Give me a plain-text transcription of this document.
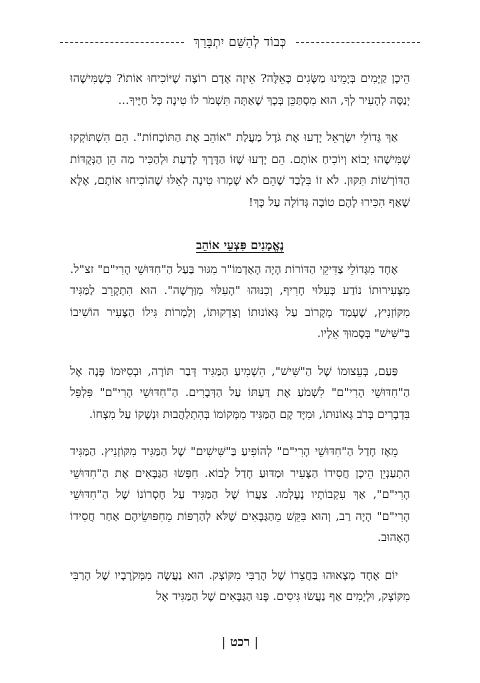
כְּבוֹד לְהַשֵּׁם יִתְבָּרֵךְ

הֵיכָן קַיָּמִים בְּיָמֵינוּ מַשָּׂגִים כָּאֵלֶּה? אֵיזֶה אָדָם רוֹצֶה שֶׁיּוֹכִיחוּ אוֹתוֹ? כְּשֶׁמִּישֶׁהוּ יְנַסֶּה לְהָעִיר לְךָ, הוּא מִסְתַּכֵּן בְּכָךְ שֶׁאַתָּה תִּשְׁמֹר לוֹ טִינָה כָּל חַיֶּיךָ...

אַךְ גְּדוֹלֵי יִשְׂרָאֵל יָדְעוּ אֶת גֹּדֶל מַעֲלַת "אוֹהֵב אֶת הַתּוֹכָחוֹת". הֵם הִשְׁתּוֹקְקוּ שֶׁמִּישֶׁהוּ יָבוֹא וְיוֹכִיחַ אוֹתָם. הֵם יָדְעוּ שֶׁזּוֹ הַדֶּרֶךְ לָדַעַת וּלְהַכִּיר מַה הֵן הַנְּקֻדּוֹת הַדּוֹרְשׁוֹת תִּקּוּן. לֹא זוֹ בִּלְבַד שֶׁהֵם לֹא שָׁמְרוּ טִינָה לְאֵלּוּ שֶׁהוֹכִיחוּ אוֹתָם, אֶלָּא שֶׁאַף הִכִּירוּ לָהֶם טוֹבָה גְּדוֹלָה עַל כָּךְ!

נֶאֱמָנִים פִּצְעֵי אוֹהֵב

אֶחָד מִגְּדוֹלֵי צַדִּיקֵי הַדּוֹרוֹת הָיָה הָאַדְמוֹ"ר מִגּוּר בַּעַל הַ"חִדּוּשֵׁי הָרִי"ם" זצ"ל. מִצְּעִירוּתוֹ נוֹדַע כְּעִלּוּי חָרִיף, וְכִנּוּהוּ "הָעִלּוּי מִוַּרְשָׁה". הוּא הִתְקָרֵב לַמַּגִּיד מִקּוֹזְנִיץ, שֶׁעָמַד מְקָרוֹב עַל גְּאוֹנוּתוֹ וְצִדְקוּתוֹ, וְלַמְרוֹת גִּילוֹ הַצָּעִיר הוֹשִׁיבוֹ בַּ"שִּׁישׁ" בְּסָמוּךְ אֵלָיו.

פַּעַם, בְּעֵצוּמוֹ שֶׁל הַ"שִּׁישׁ", הִשְׁמִיעַ הַמַּגִּיד דְּבַר תּוֹרָה, וּבְסִיּוּמוֹ פָּנָה אֶל הַ"חִדּוּשֵׁי הָרִי"ם" לִשְׁמֹעַ אֶת דַּעְתּוֹ עַל הַדְּבָרִים. הַ"חִדּוּשֵׁי הָרִי"ם" פִּלְפֵּל בִּדְבָרִים בְּרֹב גְּאוֹנוּתוֹ, וּמִיָּד קָם הַמַּגִּיד מִמְּקוֹמוֹ בְּהִתְלַהֲבוּת וּנְשָׁקוֹ עַל מִצְחוֹ.

מֵאָז חָדַל הַ"חִדּוּשֵׁי הָרִי"ם" לְהוֹפִיעַ בַּ"שִּׁישִׁים" שֶׁל הַמַּגִּיד מִקּוֹזְנִיץ. הַמַּגִּיד הִתְעַנְיֵן הֵיכָן חֲסִידוֹ הַצָּעִיר וּמַדּוּעַ חָדַל לָבוֹא. חִפְּשׂוּ הַגַּבָּאִים אֶת הַ"חִדּוּשֵׁי הָרִי"ם", אַךְ עִקְבוֹתָיו נֶעֶלְמוּ. צַעֲרוֹ שֶׁל הַמַּגִּיד עַל חֶסְרוֹנוֹ שֶׁל הַ"חִדּוּשֵׁי הָרִי"ם" הָיָה רַב, וְהוּא בִּקֵּשׁ מֵהַגַּבָּאִים שֶׁלֹּא לְהַרְפּוֹת מֵחִפּוּשֵׂיהֶם אַחַר חֲסִידוֹ הָאָהוּב.

יוֹם אֶחָד מְצָאוּהוּ בַּחֲצֵרוֹ שֶׁל הָרַבִּי מִקּוֹצְק. הוּא נַעֲשָׂה מִמְּקֹרָבָיו שֶׁל הָרַבִּי מִקּוֹצְק, וּלְיָמִים אַף נַעֲשׂוּ גִּיסִים. פָּנוּ הַגַּבָּאִים שֶׁל הַמַּגִּיד אֶל

| רכט |
